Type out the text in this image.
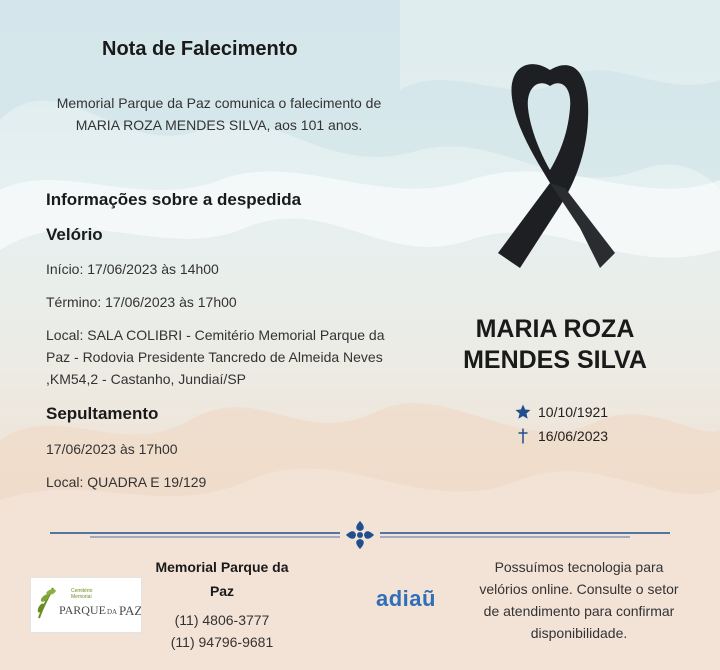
Nota de Falecimento
Memorial Parque da Paz comunica o falecimento de MARIA ROZA MENDES SILVA, aos 101 anos.
Informações sobre a despedida
Velório
Início: 17/06/2023 às 14h00
Término: 17/06/2023 às 17h00
Local: SALA COLIBRI - Cemitério Memorial Parque da Paz - Rodovia Presidente Tancredo de Almeida Neves ,KM54,2 - Castanho, Jundiaí/SP
Sepultamento
17/06/2023 às 17h00
Local: QUADRA E 19/129
MARIA ROZA MENDES SILVA
10/10/1921
16/06/2023
Cemitério
Memorial
PARQUE DA PAZ
Memorial Parque da Paz
(11) 4806-3777
(11) 94796-9681
adiaũ
Possuímos tecnologia para velórios online. Consulte o setor de atendimento para confirmar disponibilidade.
